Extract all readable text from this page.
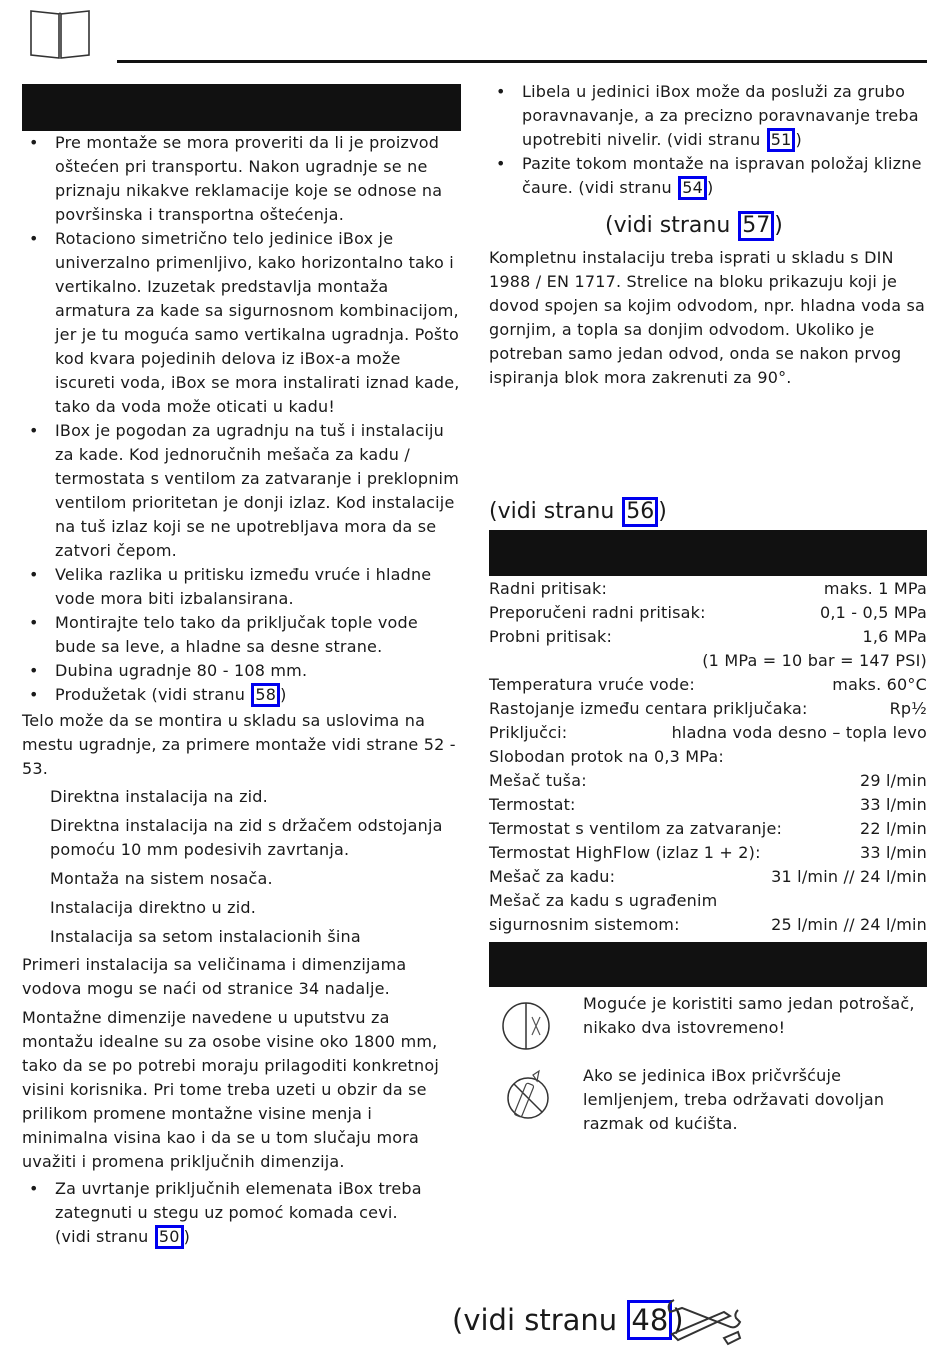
• Pre montaže se mora proveriti da li je proizvod oštećen pri transportu. Nakon ugradnje se ne priznaju nikakve reklamacije koje se odnose na površinska i transportna oštećenja.
• Rotaciono simetrično telo jedinice iBox je univerzalno primenljivo, kako horizontalno tako i vertikalno. Izuzetak predstavlja montaža armatura za kade sa sigurnosnom kombinacijom, jer je tu moguća samo vertikalna ugradnja. Pošto kod kvara pojedinih delova iz iBox-a može iscureti voda, iBox se mora instalirati iznad kade, tako da voda može oticati u kadu!
• IBox je pogodan za ugradnju na tuš i instalaciju za kade. Kod jednoručnih mešača za kadu / termostata s ventilom za zatvaranje i preklopnim ventilom prioritetan je donji izlaz. Kod instalacije na tuš izlaz koji se ne upotrebljava mora da se zatvori čepom.
• Velika razlika u pritisku između vruće i hladne vode mora biti izbalansirana.
• Montirajte telo tako da priključak tople vode bude sa leve, a hladne sa desne strane.
• Dubina ugradnje 80 - 108 mm.
• Produžetak (vidi stranu 58 )

Telo može da se montira u skladu sa uslovima na mestu ugradnje, za primere montaže vidi strane 52 - 53.

Direktna instalacija na zid.
Direktna instalacija na zid s držačem odstojanja pomoću 10 mm podesivih zavrtanja.
Montaža na sistem nosača.
Instalacija direktno u zid.
Instalacija sa setom instalacionih šina

Primeri instalacija sa veličinama i dimenzijama vodova mogu se naći od stranice 34 nadalje.

Montažne dimenzije navedene u uputstvu za montažu idealne su za osobe visine oko 1800 mm, tako da se po potrebi moraju prilagoditi konkretnoj visini korisnika. Pri tome treba uzeti u obzir da se prilikom promene montažne visine menja i minimalna visina kao i da se u tom slučaju mora uvažiti i promena priključnih dimenzija.

• Za uvrtanje priključnih elemenata iBox treba zategnuti u stegu uz pomoć komada cevi.
(vidi stranu 50 )
• Libela u jedinici iBox može da posluži za grubo poravnavanje, a za precizno poravnavanje treba upotrebiti nivelir. (vidi stranu 51 )
• Pazite tokom montaže na ispravan položaj klizne čaure. (vidi stranu 54 )
(vidi stranu 57 )
Kompletnu instalaciju treba isprati u skladu s DIN 1988 / EN 1717. Strelice na bloku prikazuju koji je dovod spojen sa kojim odvodom, npr. hladna voda sa gornjim, a topla sa donjim odvodom. Ukoliko je potreban samo jedan odvod, onda se nakon prvog ispiranja blok mora zakrenuti za 90°.
(vidi stranu 56 )
Radni pritisak:	maks. 1 MPa
Preporučeni radni pritisak:	0,1 - 0,5 MPa
Probni pritisak:	1,6 MPa
(1 MPa = 10 bar = 147 PSI)
Temperatura vruće vode:	maks. 60°C
Rastojanje između centara priključaka:	Rp½
Priključci:	hladna voda desno – topla levo
Slobodan protok na 0,3 MPa:
Mešač tuša:	29 l/min
Termostat:	33 l/min
Termostat s ventilom za zatvaranje:	22 l/min
Termostat HighFlow (izlaz 1 + 2):	33 l/min
Mešač za kadu:	31 l/min // 24 l/min
Mešač za kadu s ugrađenim
sigurnosnim sistemom:	25 l/min // 24 l/min
Moguće je koristiti samo jedan potrošač, nikako dva istovremeno!
Ako se jedinica iBox pričvršćuje lemljenjem, treba održavati dovoljan razmak od kućišta.
(vidi stranu 48 )
